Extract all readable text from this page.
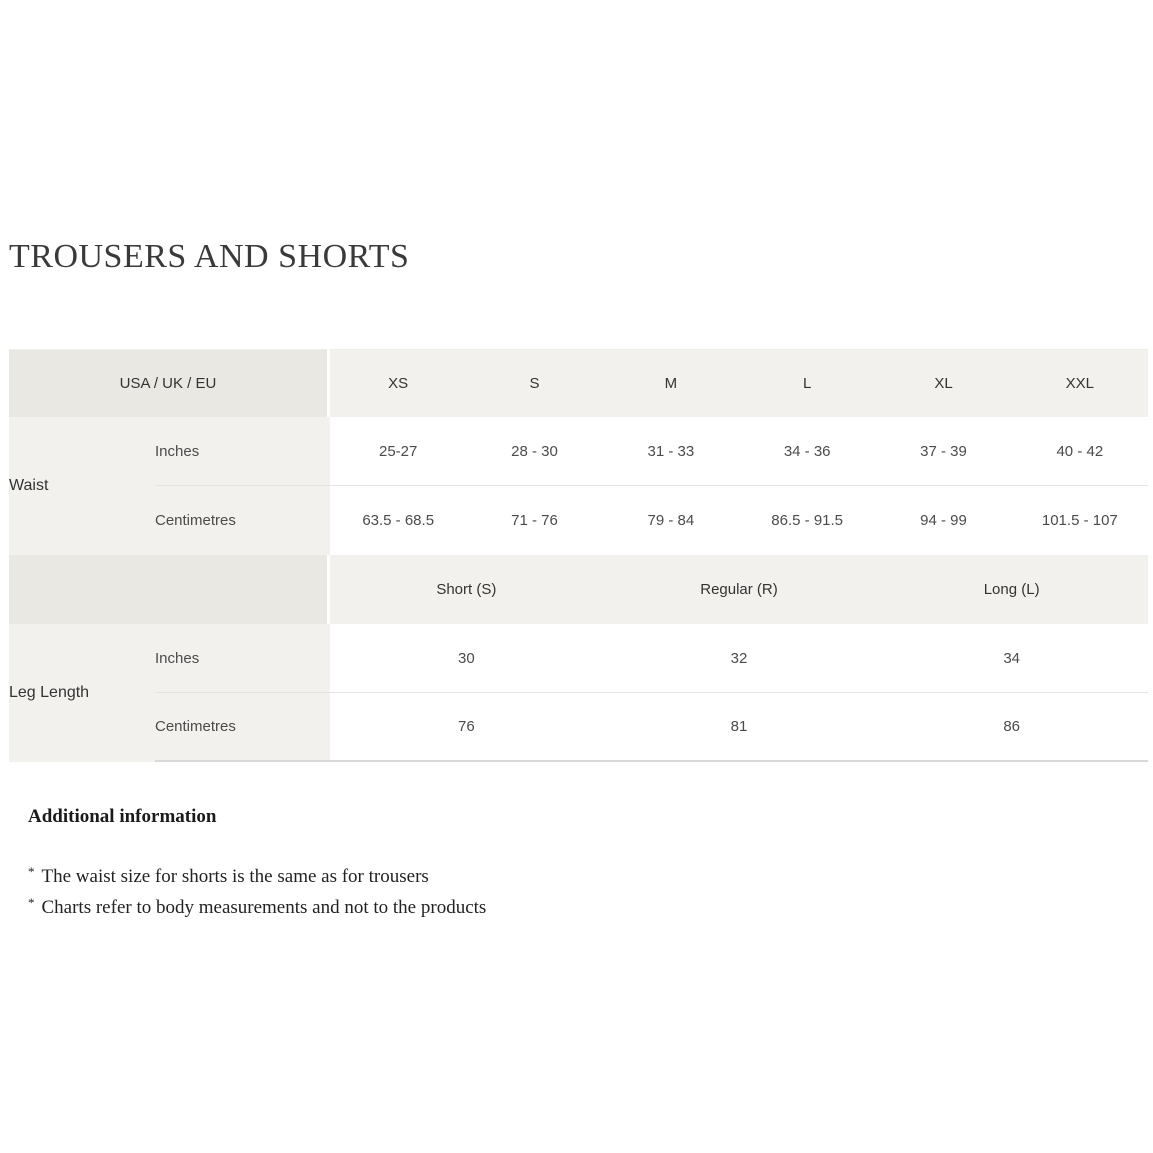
TROUSERS AND SHORTS
USA / UK / EU		XS	S	M	L	XL	XXL
Waist	Inches	25-27	28 - 30	31 - 33	34 - 36	37 - 39	40 - 42
	Centimetres	63.5 - 68.5	71 - 76	79 - 84	86.5 - 91.5	94 - 99	101.5 - 107
		Short (S)		Regular (R)		Long (L)	
Leg Length	Inches	30		32		34	
	Centimetres	76		81		86	

Additional information

* The waist size for shorts is the same as for trousers

* Charts refer to body measurements and not to the products
